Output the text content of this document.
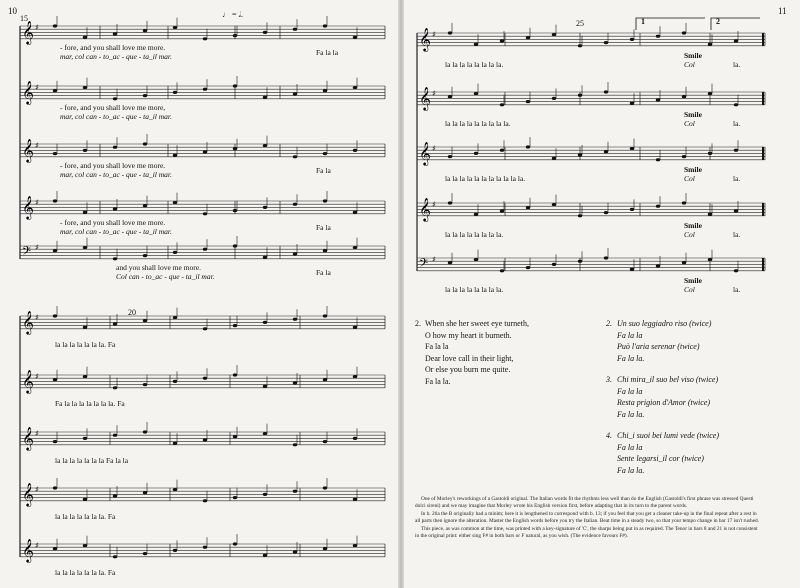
𝄞 ♯
𝄞 ♯
𝄞 ♯
𝄞 ♯
𝄢 ♯
𝄞 ♯
𝄞 ♯
𝄞 ♯
𝄞 ♯
𝄞 ♯
𝄞 ♯
𝄞 ♯
𝄞 ♯
𝄞 ♯
𝄢 ♯
10	11
15
20
25	1	2
♩ = 𝅗𝅥.
- fore, and you shall love me more.
mar, col can - to_ac - que - ta_il mar.	Fa la la
- fore, and you shall love me more,
mar, col can - to_ac - que - ta_il mar.
- fore, and you shall love me more.
mar, col can - to_ac - que - ta_il mar.	Fa la
- fore, and you shall love me more.
mar, col can - to_ac - que - ta_il mar.	Fa la
and you shall love me more.
Col can - to_ac - que - ta_il mar.	Fa la
la la la la la la la. Fa
Fa la la la la la la la. Fa
la la la la la la la Fa la la
la la la la la la la. Fa
la la la la la la la. Fa
la la la la la la la la.
Smile
Col	la.
la la la la la la la la la.
Smile
Col	la.
la la la la la la la la la la la.
Smile
Col	la.
la la la la la la la la.
Smile
Col	la.
la la la la la la la la.
Smile
Col	la.
2. When she her sweet eye turneth,
O how my heart it burneth.
Fa la la
Dear love call in their light,
Or else you burn me quite.
Fa la la.
2. Un suo leggiadro riso (twice)
Fa la la
Può l'aria serenar (twice)
Fa la la.
3. Chi mira_il suo bel viso (twice)
Fa la la
Resta prigion d'Amor (twice)
Fa la la.
4. Chi_i suoi bei lumi vede (twice)
Fa la la
Sente legarsi_il cor (twice)
Fa la la.

One of Morley's reworkings of a Gastoldi original. The Italian words fit the rhythms less well than do the English (Gastoldi's first phrase was stressed Questi dolci sireni) and we may imagine that Morley wrote his English version first, before adapting that in its turn to the parent words.

In b. 26a the B originally had a minim; here it is lengthened to correspond with b. 13; if you feel that you get a cleaner take-up in the final repeat after a rest in all parts then ignore the alteration. Master the English words before you try the Italian. Beat time in a steady two, so that your tempo change in bar 17 isn't rushed.

This piece, as was common at the time, was printed with a key-signature of 'C', the sharps being put in as required. The Tenor in bars 8 and 21 is not consistent in the original print: either sing F# in both bars or F natural, as you wish. (The evidence favours F#).
